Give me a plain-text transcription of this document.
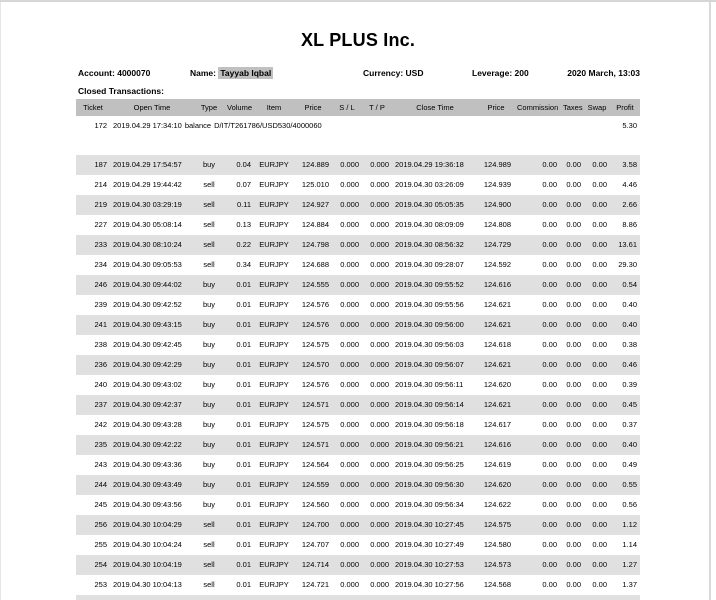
XL PLUS Inc.
Account: 4000070	Name: Tayyab Iqbal	Currency: USD	Leverage: 200	2020 March, 13:03
Closed Transactions:
Ticket	Open Time	Type	Volume	Item	Price	S / L	T / P	Close Time	Price	Commission	Taxes	Swap	Profit
172	2019.04.29 17:34:10 balance D/IT/T261786/USD530/4000060												5.30

187	2019.04.29 17:54:57	buy	0.04	EURJPY	124.889	0.000	0.000	2019.04.29 19:36:18	124.989	0.00	0.00	0.00	3.58
214	2019.04.29 19:44:42	sell	0.07	EURJPY	125.010	0.000	0.000	2019.04.30 03:26:09	124.939	0.00	0.00	0.00	4.46
219	2019.04.30 03:29:19	sell	0.11	EURJPY	124.927	0.000	0.000	2019.04.30 05:05:35	124.900	0.00	0.00	0.00	2.66
227	2019.04.30 05:08:14	sell	0.13	EURJPY	124.884	0.000	0.000	2019.04.30 08:09:09	124.808	0.00	0.00	0.00	8.86
233	2019.04.30 08:10:24	sell	0.22	EURJPY	124.798	0.000	0.000	2019.04.30 08:56:32	124.729	0.00	0.00	0.00	13.61
234	2019.04.30 09:05:53	sell	0.34	EURJPY	124.688	0.000	0.000	2019.04.30 09:28:07	124.592	0.00	0.00	0.00	29.30
246	2019.04.30 09:44:02	buy	0.01	EURJPY	124.555	0.000	0.000	2019.04.30 09:55:52	124.616	0.00	0.00	0.00	0.54
239	2019.04.30 09:42:52	buy	0.01	EURJPY	124.576	0.000	0.000	2019.04.30 09:55:56	124.621	0.00	0.00	0.00	0.40
241	2019.04.30 09:43:15	buy	0.01	EURJPY	124.576	0.000	0.000	2019.04.30 09:56:00	124.621	0.00	0.00	0.00	0.40
238	2019.04.30 09:42:45	buy	0.01	EURJPY	124.575	0.000	0.000	2019.04.30 09:56:03	124.618	0.00	0.00	0.00	0.38
236	2019.04.30 09:42:29	buy	0.01	EURJPY	124.570	0.000	0.000	2019.04.30 09:56:07	124.621	0.00	0.00	0.00	0.46
240	2019.04.30 09:43:02	buy	0.01	EURJPY	124.576	0.000	0.000	2019.04.30 09:56:11	124.620	0.00	0.00	0.00	0.39
237	2019.04.30 09:42:37	buy	0.01	EURJPY	124.571	0.000	0.000	2019.04.30 09:56:14	124.621	0.00	0.00	0.00	0.45
242	2019.04.30 09:43:28	buy	0.01	EURJPY	124.575	0.000	0.000	2019.04.30 09:56:18	124.617	0.00	0.00	0.00	0.37
235	2019.04.30 09:42:22	buy	0.01	EURJPY	124.571	0.000	0.000	2019.04.30 09:56:21	124.616	0.00	0.00	0.00	0.40
243	2019.04.30 09:43:36	buy	0.01	EURJPY	124.564	0.000	0.000	2019.04.30 09:56:25	124.619	0.00	0.00	0.00	0.49
244	2019.04.30 09:43:49	buy	0.01	EURJPY	124.559	0.000	0.000	2019.04.30 09:56:30	124.620	0.00	0.00	0.00	0.55
245	2019.04.30 09:43:56	buy	0.01	EURJPY	124.560	0.000	0.000	2019.04.30 09:56:34	124.622	0.00	0.00	0.00	0.56
256	2019.04.30 10:04:29	sell	0.01	EURJPY	124.700	0.000	0.000	2019.04.30 10:27:45	124.575	0.00	0.00	0.00	1.12
255	2019.04.30 10:04:24	sell	0.01	EURJPY	124.707	0.000	0.000	2019.04.30 10:27:49	124.580	0.00	0.00	0.00	1.14
254	2019.04.30 10:04:19	sell	0.01	EURJPY	124.714	0.000	0.000	2019.04.30 10:27:53	124.573	0.00	0.00	0.00	1.27
253	2019.04.30 10:04:13	sell	0.01	EURJPY	124.721	0.000	0.000	2019.04.30 10:27:56	124.568	0.00	0.00	0.00	1.37
